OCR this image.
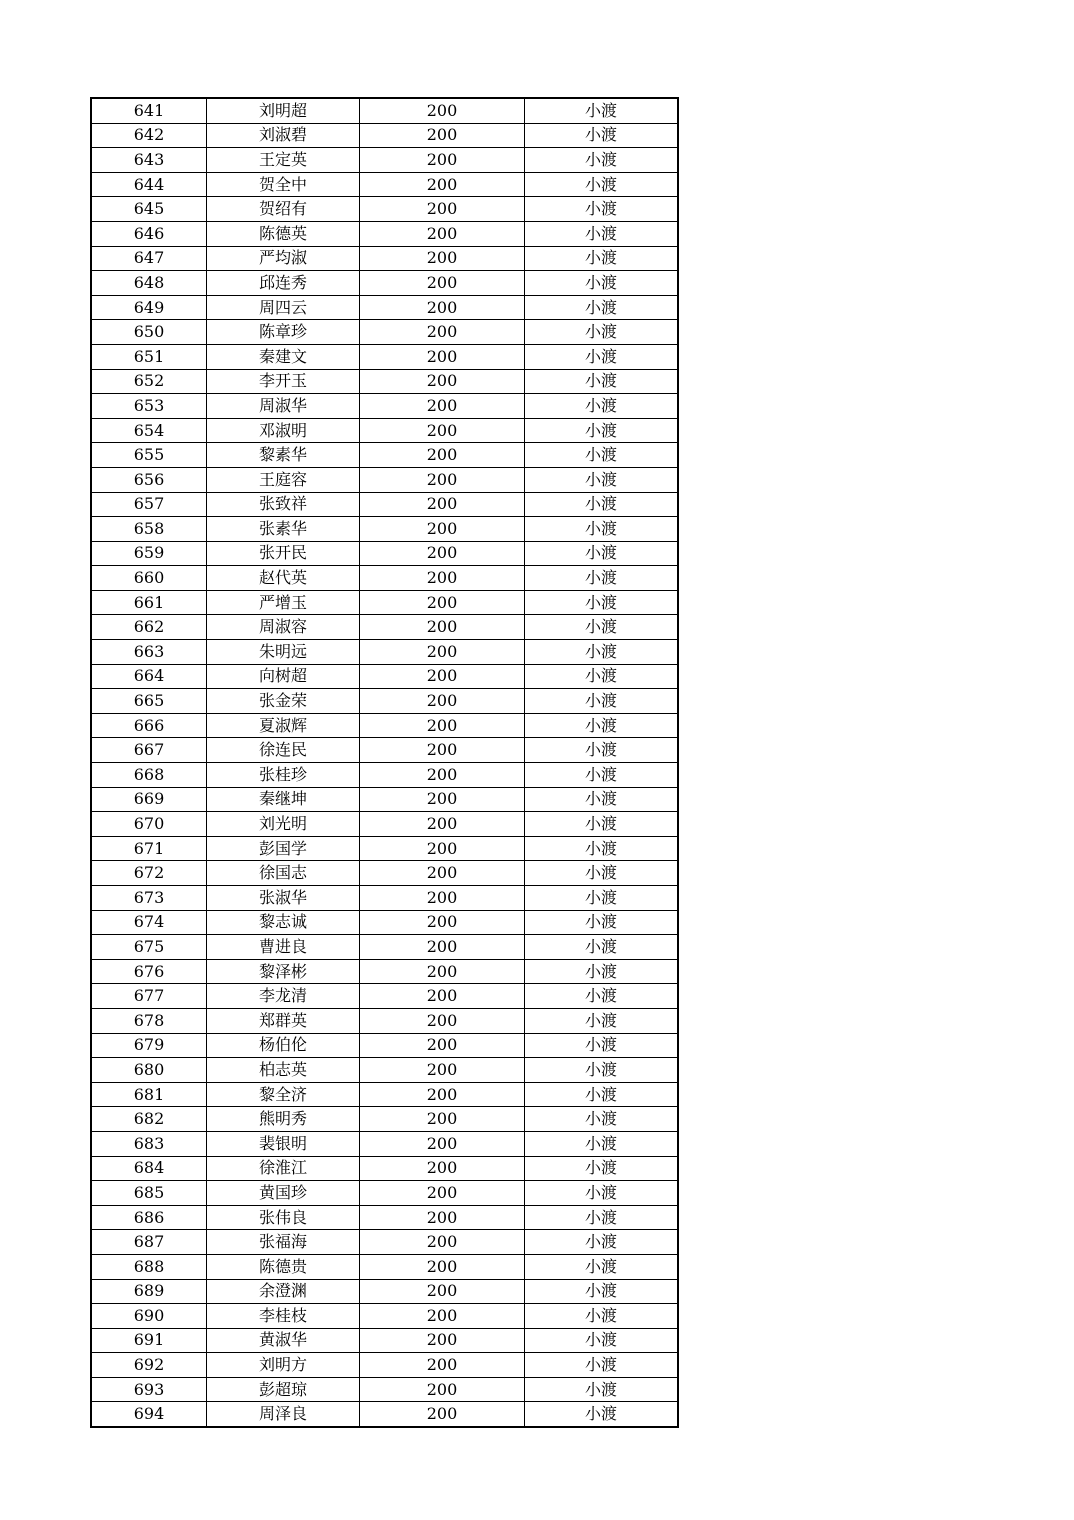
641	刘明超	200	小渡
642	刘淑碧	200	小渡
643	王定英	200	小渡
644	贺全中	200	小渡
645	贺绍有	200	小渡
646	陈德英	200	小渡
647	严均淑	200	小渡
648	邱连秀	200	小渡
649	周四云	200	小渡
650	陈章珍	200	小渡
651	秦建文	200	小渡
652	李开玉	200	小渡
653	周淑华	200	小渡
654	邓淑明	200	小渡
655	黎素华	200	小渡
656	王庭容	200	小渡
657	张致祥	200	小渡
658	张素华	200	小渡
659	张开民	200	小渡
660	赵代英	200	小渡
661	严增玉	200	小渡
662	周淑容	200	小渡
663	朱明远	200	小渡
664	向树超	200	小渡
665	张金荣	200	小渡
666	夏淑辉	200	小渡
667	徐连民	200	小渡
668	张桂珍	200	小渡
669	秦继坤	200	小渡
670	刘光明	200	小渡
671	彭国学	200	小渡
672	徐国志	200	小渡
673	张淑华	200	小渡
674	黎志诚	200	小渡
675	曹进良	200	小渡
676	黎泽彬	200	小渡
677	李龙清	200	小渡
678	郑群英	200	小渡
679	杨伯伦	200	小渡
680	柏志英	200	小渡
681	黎全济	200	小渡
682	熊明秀	200	小渡
683	裴银明	200	小渡
684	徐淮江	200	小渡
685	黄国珍	200	小渡
686	张伟良	200	小渡
687	张福海	200	小渡
688	陈德贵	200	小渡
689	余澄渊	200	小渡
690	李桂枝	200	小渡
691	黄淑华	200	小渡
692	刘明方	200	小渡
693	彭超琼	200	小渡
694	周泽良	200	小渡
